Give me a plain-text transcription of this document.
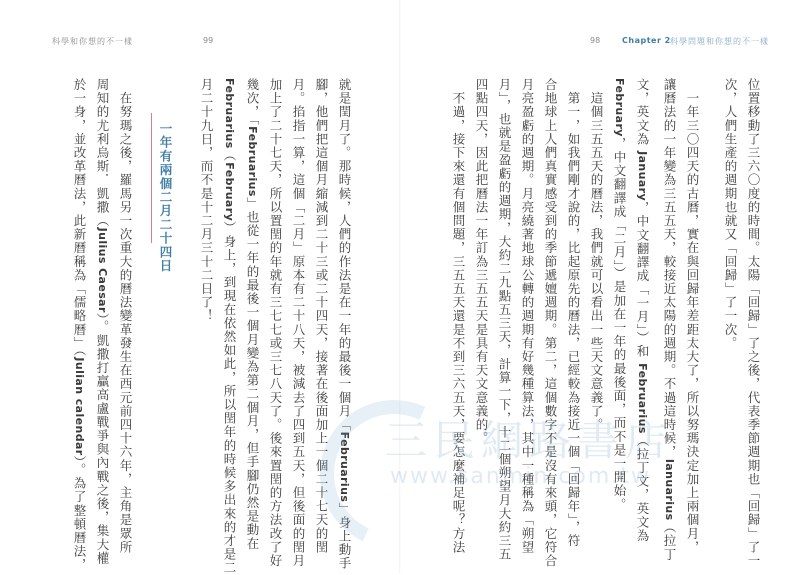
科學和你想的不一樣	99	98	Chapter 2 科學問題和你想的不一樣
位置移動了三六〇度的時間。太陽「回歸」了之後，代表季節週期也「回歸」了一
次，人們生產的週期也就又「回歸」了一次。
　一年三〇四天的古曆，實在與回歸年差距太大了，所以努瑪決定加上兩個月，
讓曆法的一年變為三五五天，較接近太陽的週期。不過這時候，Ianuarius（拉丁
文，英文為 January，中文翻譯成「一月」）和 Februarius（拉丁文，英文為
February，中文翻譯成「二月」）是加在一年的最後面，而不是一開始。
　這個三五五天的曆法，我們就可以看出一些天文意義了。
　第一，如我們剛才說的，比起原先的曆法，已經較為接近一個「回歸年」，符
合地球上人們真實感受到的季節遞嬗週期。第二，這個數字不是沒有來頭，它符合
月亮盈虧的週期。月亮繞著地球公轉的週期有好幾種算法，其中一種稱為「朔望
月」，也就是盈虧的週期，大約二九點五三天，計算一下，十二個朔望月大約三五
四點四天，因此把曆法一年訂為三五五天是具有天文意義的。
　不過，接下來還有個問題，三五五天還是不到三六五天，要怎麼補足呢？方法
就是閏月了。那時候，人們的作法是在一年的最後一個月「Februarius」身上動手
腳，他們把這個月縮減到二十三或二十四天，接著在後面加上一個二十七天的閏
月。掐指一算，這個「二月」原本有二十八天，被減去了四到五天，但後面的閏月
加上了二十七天，所以置閏的年就有三七七或三七八天了。後來置閏的方法改了好
幾次，「Februarius」也從一年的最後一個月變為第二個月，但手腳仍然是動在
Februarius（February）身上，到現在依然如此，所以閏年的時候多出來的才是二
月二十九日，而不是十二月三十二日了！
一年有兩個二月二十四日
　在努瑪之後，羅馬另一次重大的曆法變革發生在西元前四十六年，主角是眾所
周知的尤利烏斯．凱撒（Julius Caesar）。凱撒打贏高盧戰爭與內戰之後，集大權
於一身，並改革曆法，此新曆稱為「儒略曆」（Julian calendar）。為了整頓曆法，
三民網路書店
www.sanmin.com.tw
